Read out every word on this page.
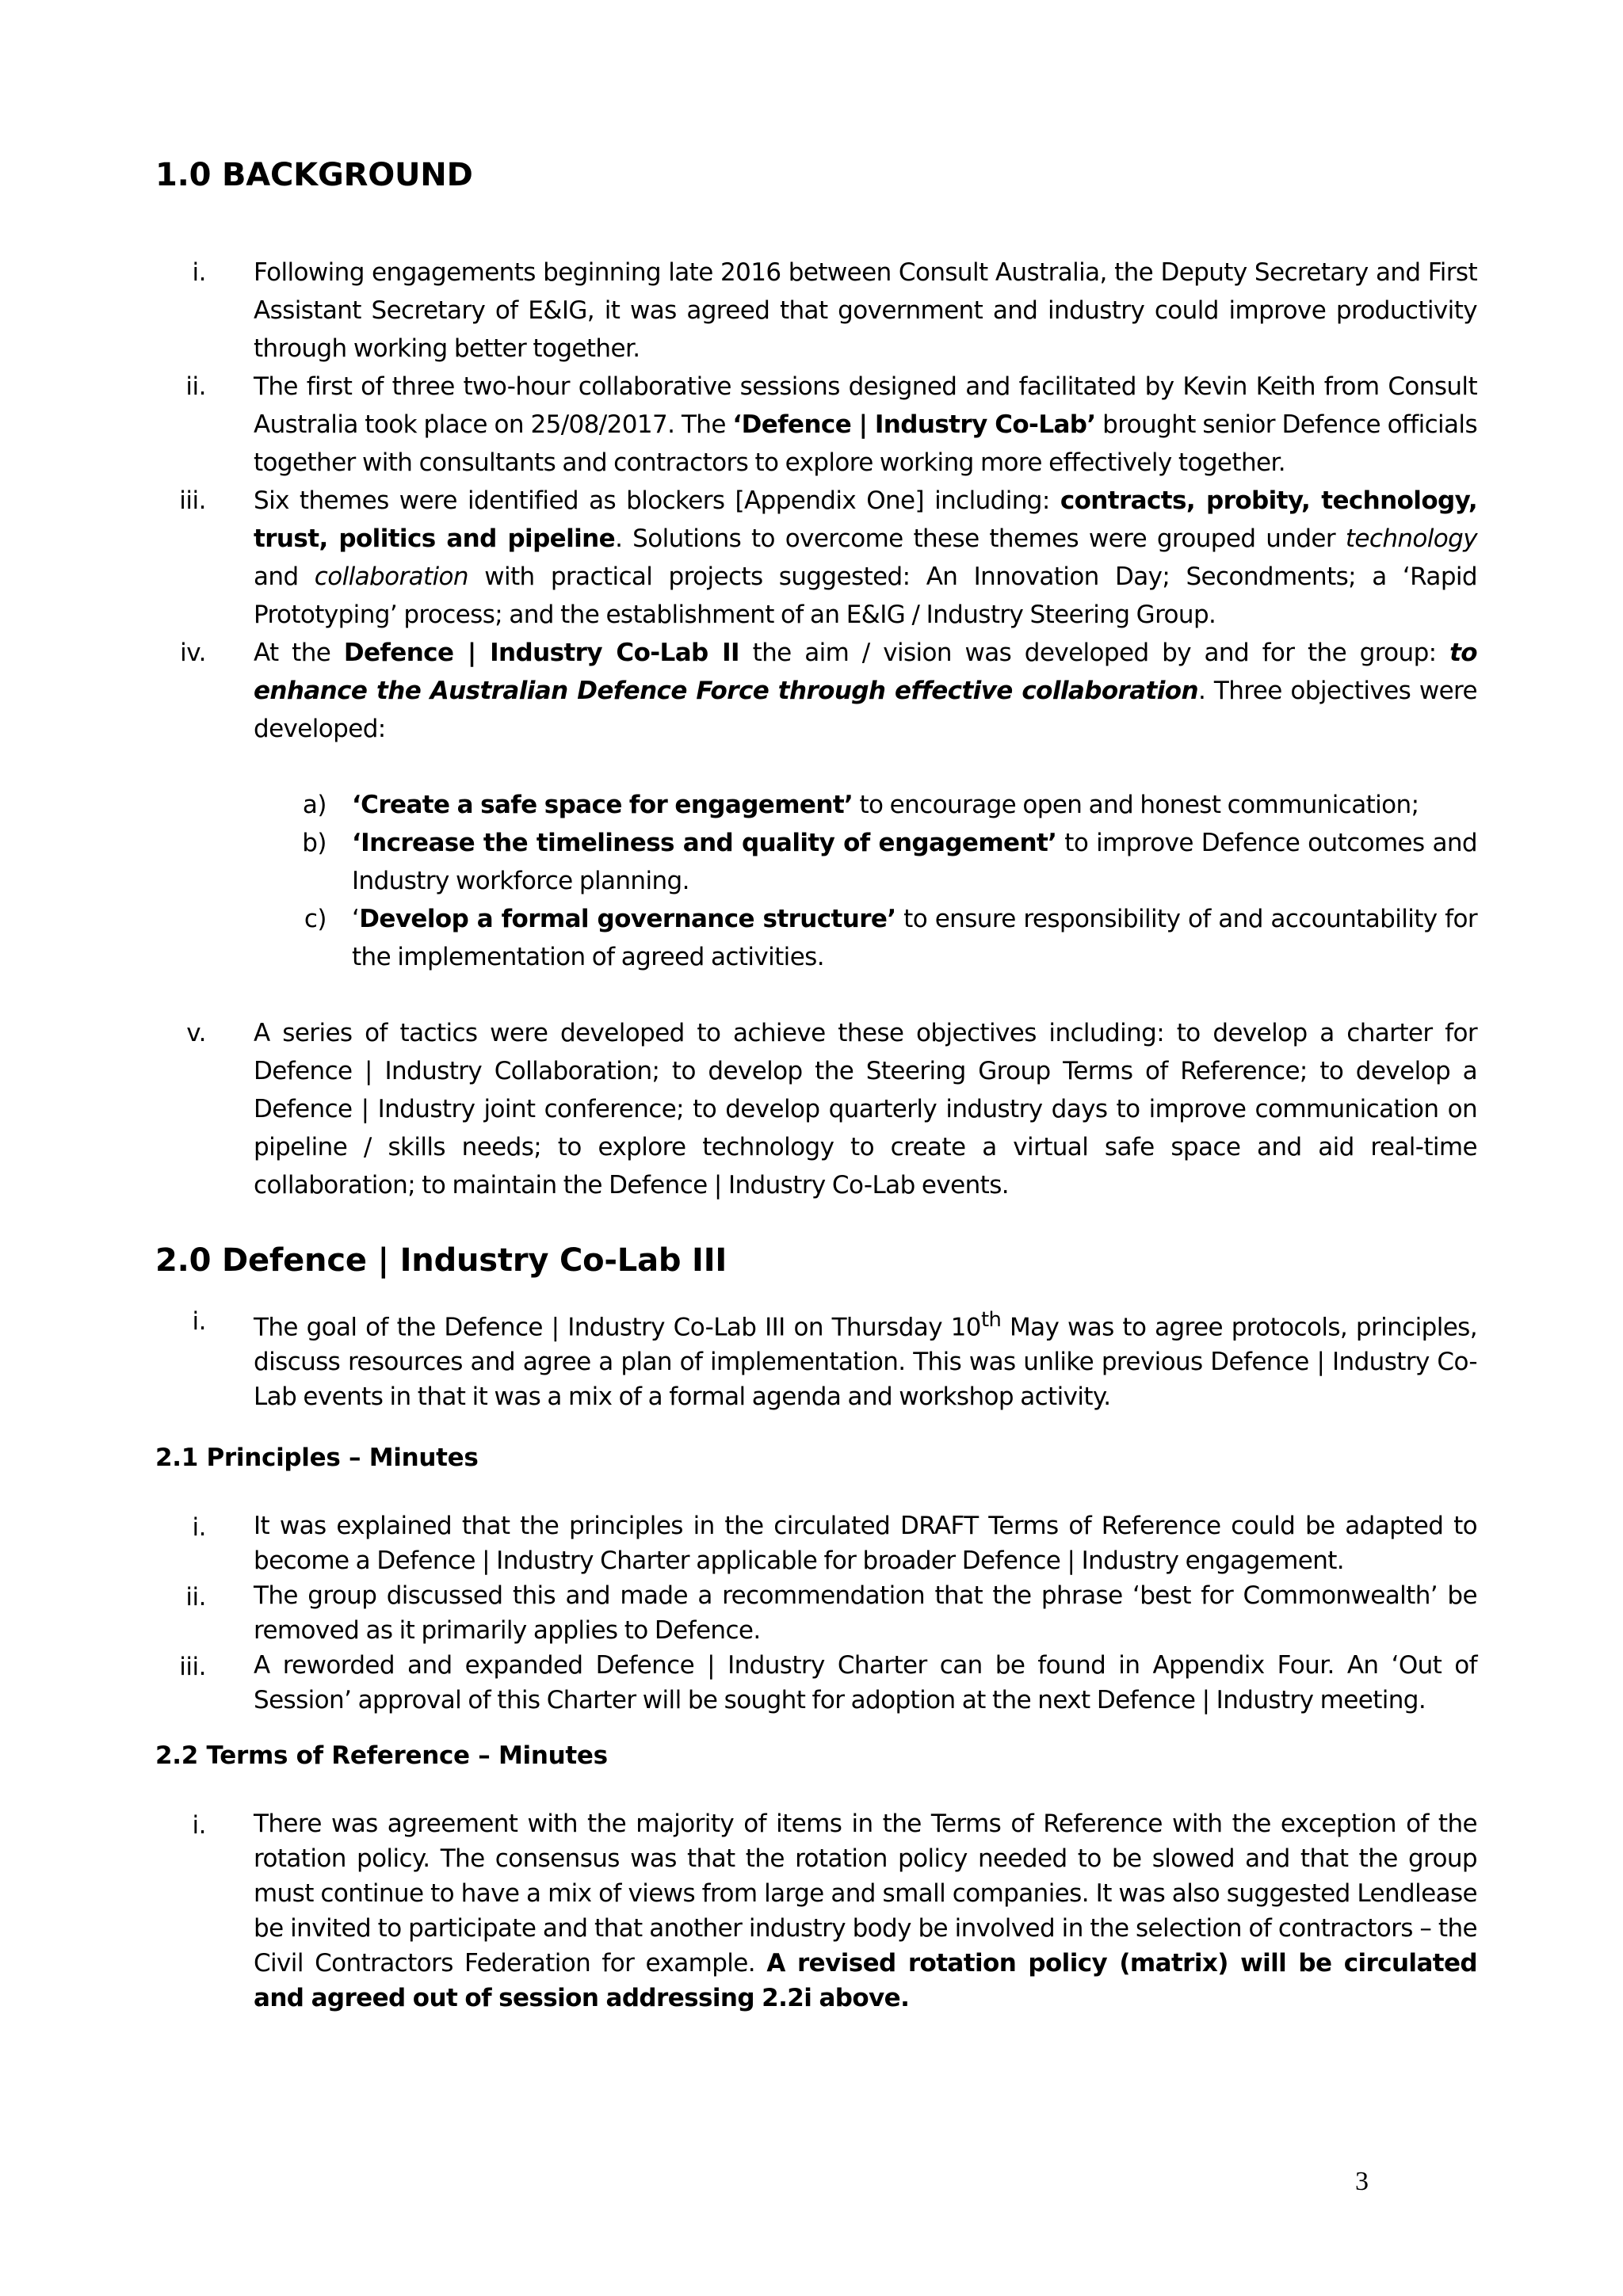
1.0 BACKGROUND
i. Following engagements beginning late 2016 between Consult Australia, the Deputy Secretary and First Assistant Secretary of E&IG, it was agreed that government and industry could improve productivity through working better together.
ii. The first of three two-hour collaborative sessions designed and facilitated by Kevin Keith from Consult Australia took place on 25/08/2017. The ‘Defence | Industry Co-Lab’ brought senior Defence officials together with consultants and contractors to explore working more effectively together.
iii. Six themes were identified as blockers [Appendix One] including: contracts, probity, technology, trust, politics and pipeline. Solutions to overcome these themes were grouped under technology and collaboration with practical projects suggested: An Innovation Day; Secondments; a ‘Rapid Prototyping’ process; and the establishment of an E&IG / Industry Steering Group.
iv. At the Defence | Industry Co-Lab II the aim / vision was developed by and for the group: to enhance the Australian Defence Force through effective collaboration. Three objectives were developed:
a) ‘Create a safe space for engagement’ to encourage open and honest communication;
b) ‘Increase the timeliness and quality of engagement’ to improve Defence outcomes and Industry workforce planning.
c) ‘Develop a formal governance structure’ to ensure responsibility of and accountability for the implementation of agreed activities.
v. A series of tactics were developed to achieve these objectives including: to develop a charter for Defence | Industry Collaboration; to develop the Steering Group Terms of Reference; to develop a Defence | Industry joint conference; to develop quarterly industry days to improve communication on pipeline / skills needs; to explore technology to create a virtual safe space and aid real-time collaboration; to maintain the Defence | Industry Co-Lab events.
2.0 Defence | Industry Co-Lab III
i. The goal of the Defence | Industry Co-Lab III on Thursday 10th May was to agree protocols, principles, discuss resources and agree a plan of implementation. This was unlike previous Defence | Industry Co-Lab events in that it was a mix of a formal agenda and workshop activity.
2.1 Principles – Minutes
i. It was explained that the principles in the circulated DRAFT Terms of Reference could be adapted to become a Defence | Industry Charter applicable for broader Defence | Industry engagement.
ii. The group discussed this and made a recommendation that the phrase ‘best for Commonwealth’ be removed as it primarily applies to Defence.
iii. A reworded and expanded Defence | Industry Charter can be found in Appendix Four. An ‘Out of Session’ approval of this Charter will be sought for adoption at the next Defence | Industry meeting.
2.2 Terms of Reference – Minutes
i. There was agreement with the majority of items in the Terms of Reference with the exception of the rotation policy. The consensus was that the rotation policy needed to be slowed and that the group must continue to have a mix of views from large and small companies. It was also suggested Lendlease be invited to participate and that another industry body be involved in the selection of contractors – the Civil Contractors Federation for example. A revised rotation policy (matrix) will be circulated and agreed out of session addressing 2.2i above.
3
